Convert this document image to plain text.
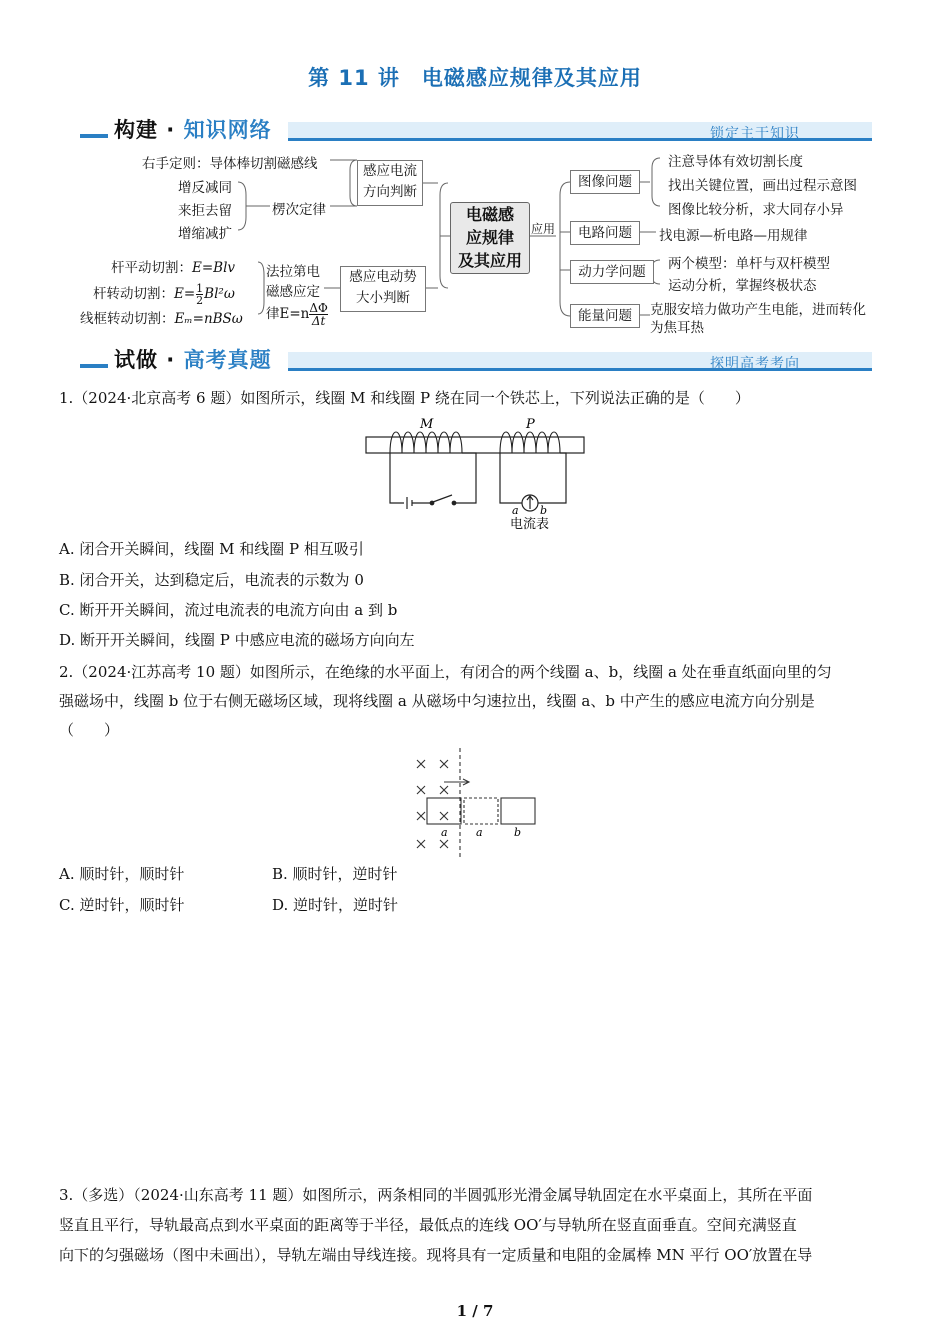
第 11 讲　电磁感应规律及其应用
构建 · 知识网络	锁定主干知识
右手定则：导体棒切割磁感线
增反减同
来拒去留
增缩减扩
楞次定律
感应电流
方向判断
杆平动切割：E=Blv
杆转动切割：$E= \frac{1}{2} Bl^2\omega$
线框转动切割：Eₘ=nBSω
法拉第电
磁感应定
律$E=n \frac{\Delta\Phi}{\Delta t}$
感应电动势
大小判断
电磁感
应规律
及其应用
应用
图像问题
注意导体有效切割长度
找出关键位置，画出过程示意图
图像比较分析，求大同存小异
电路问题	找电源—析电路—用规律
动力学问题	两个模型：单杆与双杆模型
运动分析，掌握终极状态
能量问题	克服安培力做功产生电能，进而转化
为焦耳热
试做 · 高考真题	探明高考考向
1.（2024·北京高考 6 题）如图所示，线圈 M 和线圈 P 绕在同一个铁芯上，下列说法正确的是（　　）
M	P
a b
电流表
A. 闭合开关瞬间，线圈 M 和线圈 P 相互吸引
B. 闭合开关，达到稳定后，电流表的示数为 0
C. 断开开关瞬间，流过电流表的电流方向由 a 到 b
D. 断开开关瞬间，线圈 P 中感应电流的磁场方向向左
2.（2024·江苏高考 10 题）如图所示，在绝缘的水平面上，有闭合的两个线圈 a、b，线圈 a 处在垂直纸面向里的匀
强磁场中，线圈 b 位于右侧无磁场区域，现将线圈 a 从磁场中匀速拉出，线圈 a、b 中产生的感应电流方向分别是
（　　）
a	a	b
A. 顺时针，顺时针	B. 顺时针，逆时针
C. 逆时针，顺时针	D. 逆时针，逆时针
3.（多选）（2024·山东高考 11 题）如图所示，两条相同的半圆弧形光滑金属导轨固定在水平桌面上，其所在平面
竖直且平行，导轨最高点到水平桌面的距离等于半径，最低点的连线 OO′与导轨所在竖直面垂直。空间充满竖直
向下的匀强磁场（图中未画出），导轨左端由导线连接。现将具有一定质量和电阻的金属棒 MN 平行 OO′放置在导
1 / 7
